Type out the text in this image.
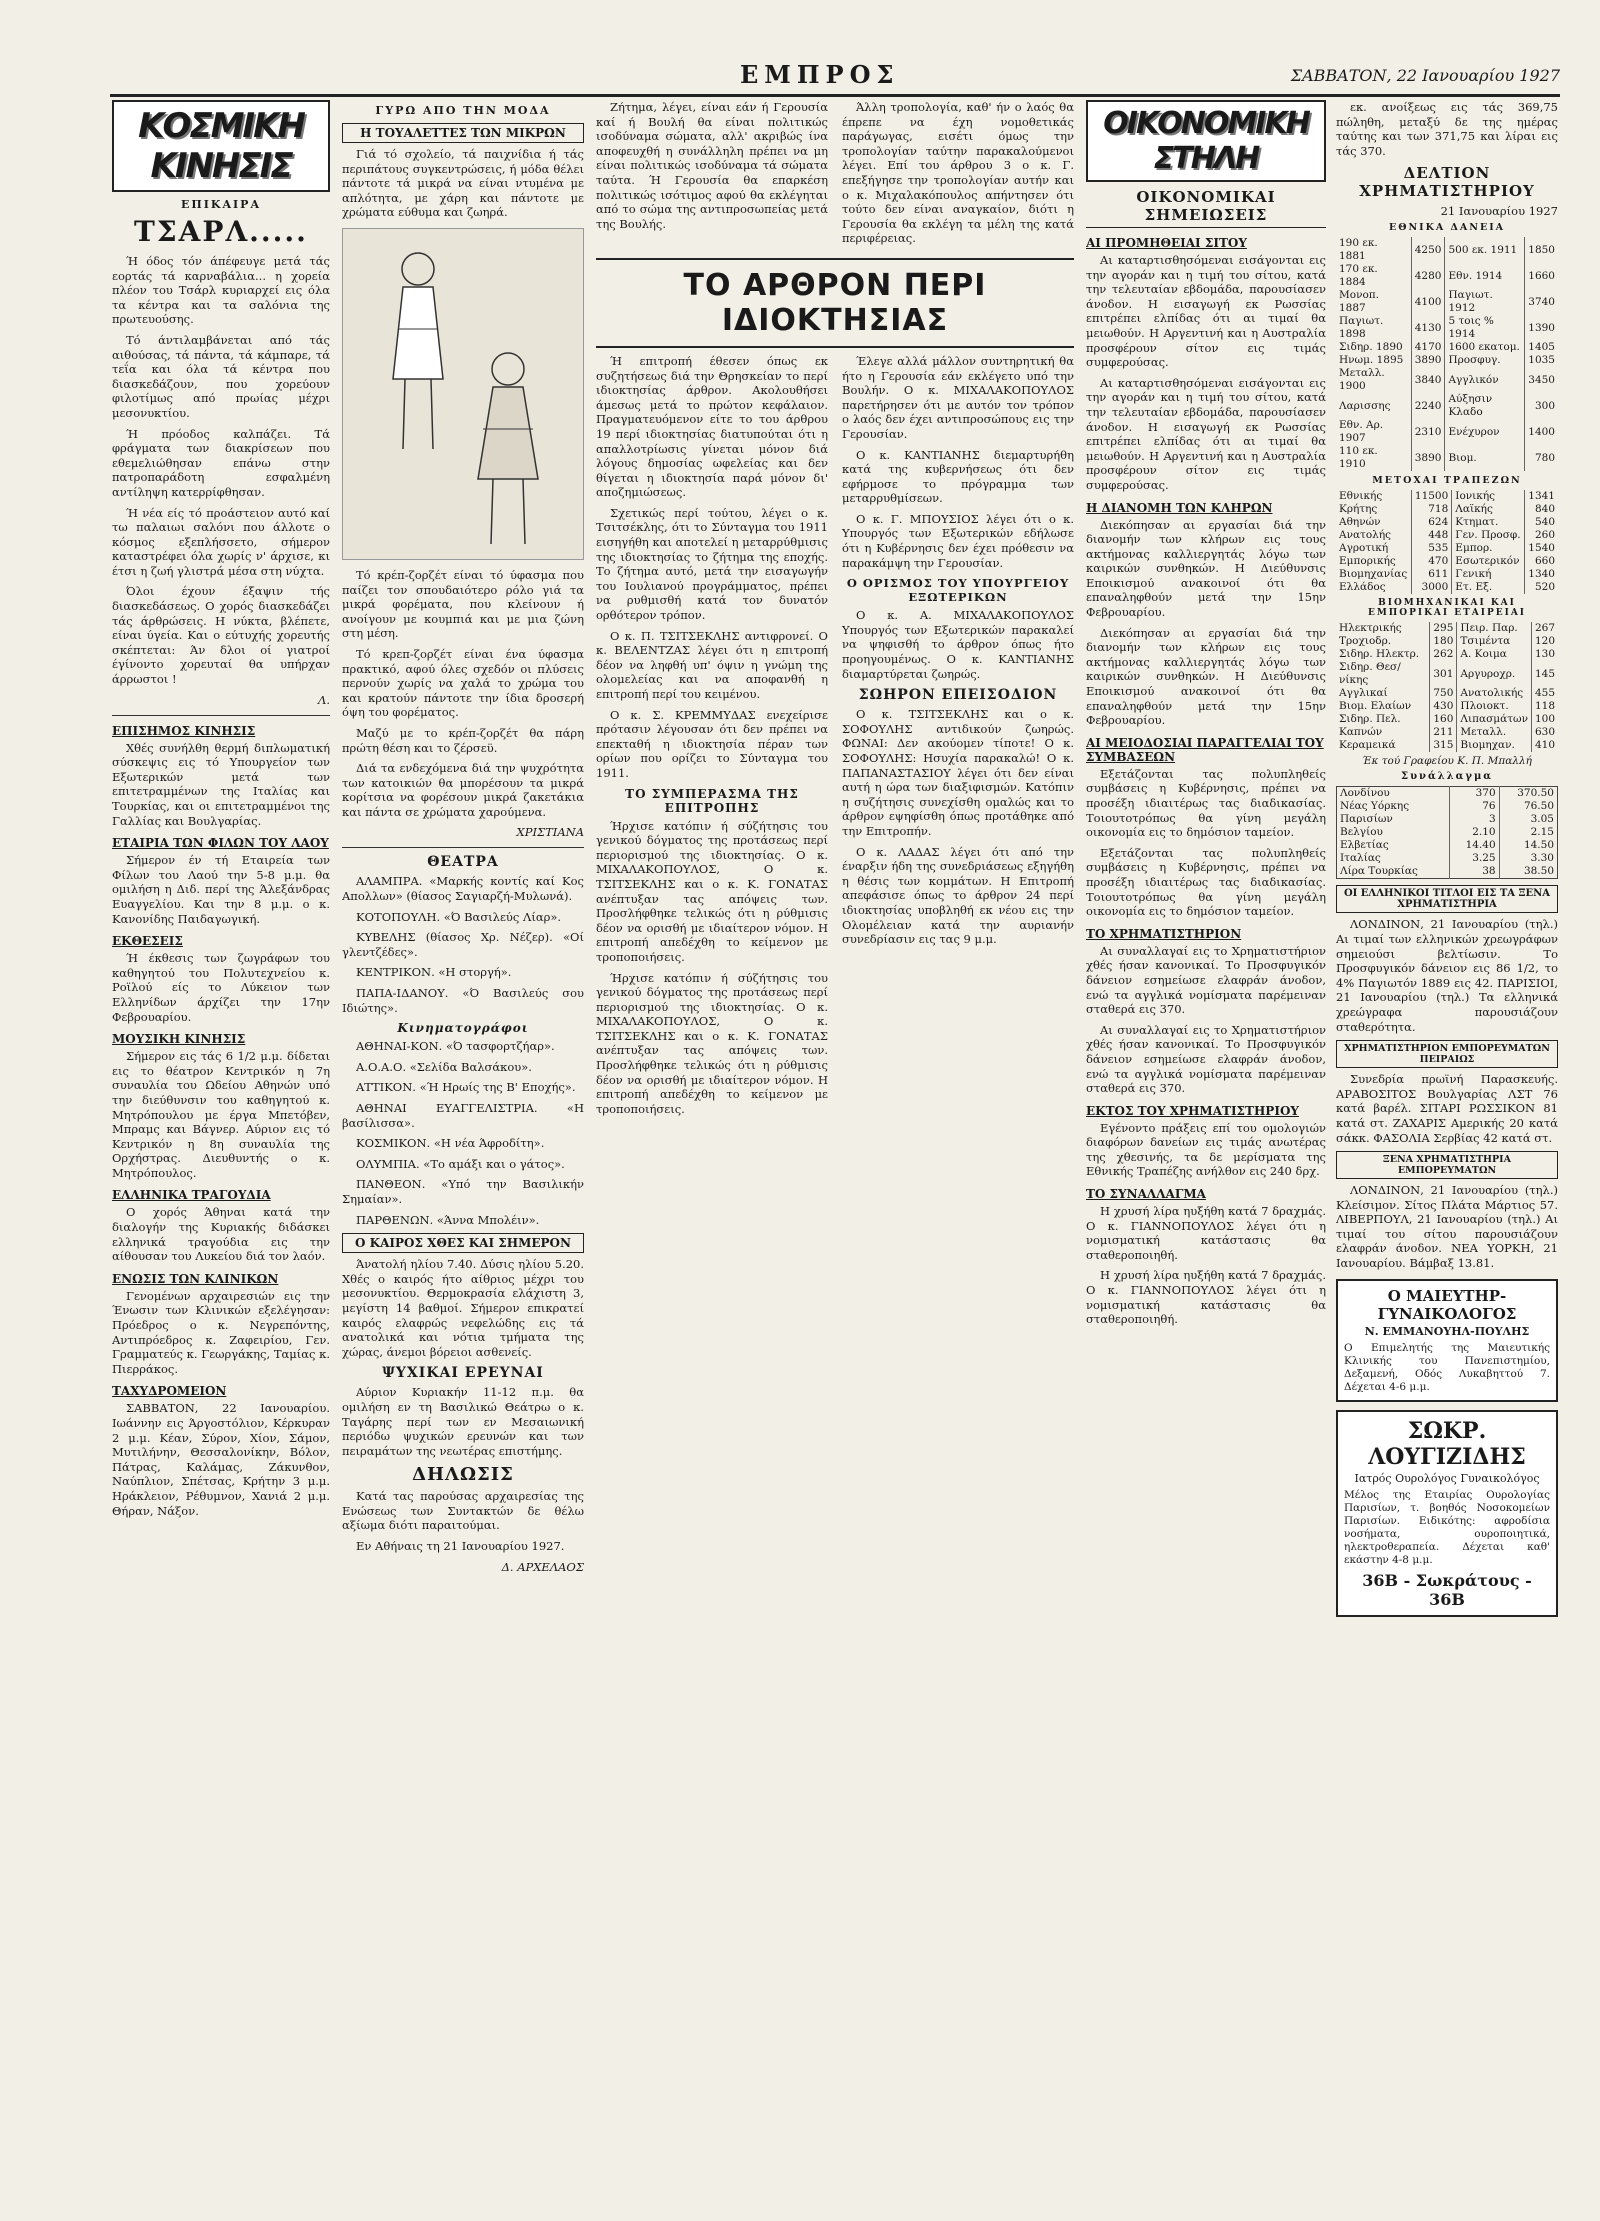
ΕΜΠΡΟΣ	ΣΑΒΒΑΤΟΝ, 22 Ιανουαρίου 1927
ΚΟΣΜΙΚΗ ΚΙΝΗΣΙΣ
ΕΠΙΚΑΙΡΑ
ΤΣΑΡΛ.....

Ή όδος τόν άπέφευγε μετά τάς εορτάς τά καρναβάλια... η χορεία πλέον του Τσάρλ κυριαρχεί εις όλα τα κέντρα και τα σαλόνια της πρωτευούσης.

Τό άντιλαμβάνεται από τάς αιθούσας, τά πάντα, τά κάμπαρε, τά τεΐα και όλα τά κέντρα που διασκεδάζουν, που χορεύουν φιλοτίμως από πρωίας μέχρι μεσονυκτίου.

Ή πρόοδος καλπάζει. Τά φράγματα των διακρίσεων που εθεμελιώθησαν επάνω στην πατροπαράδοτη εσφαλμένη αντίληψη κατερρίφθησαν.

Ή νέα είς τό προάστειον αυτό καί τω παλαιωι σαλόνι που άλλοτε ο κόσμος εξεπλήσσετο, σήμερον καταστρέφει όλα χωρίς ν' άρχισε, κι έτσι η ζωή γλιστρά μέσα στη νύχτα.

Όλοι έχουν έξαψιν τής διασκεδάσεως. Ο χορός διασκεδάζει τάς άρθρώσεις. Η νύκτα, βλέπετε, είναι ύγεία. Και ο εύτυχής χορευτής σκέπτεται: Άν δλοι οί γιατροί έγίνοντο χορευταί θα υπήρχαν άρρωστοι !

Λ.
ΕΠΙΣΗΜΟΣ ΚΙΝΗΣΙΣ

Χθές συνήλθη θερμή διπλωματική σύσκεψις εις τό Υπουργείον των Εξωτερικών μετά των επιτετραμμένων της Ιταλίας και Τουρκίας, και οι επιτετραμμένοι της Γαλλίας και Βουλγαρίας.

ΕΤΑΙΡΙΑ ΤΩΝ ΦΙΛΩΝ ΤΟΥ ΛΑΟΥ

Σήμερον έν τή Εταιρεία των Φίλων του Λαού την 5-8 μ.μ. θα ομιλήση η Διδ. περί της Άλεξάνδρας Ευαγγελίου. Και την 8 μ.μ. ο κ. Κανονίδης Παιδαγωγική.

ΕΚΘΕΣΕΙΣ

Ή έκθεσις των ζωγράφων του καθηγητού του Πολυτεχνείου κ. Ροϊλού είς το Λύκειον των Ελληνίδων άρχίζει την 17ην Φεβρουαρίου.

ΜΟΥΣΙΚΗ ΚΙΝΗΣΙΣ

Σήμερον εις τάς 6 1/2 μ.μ. δίδεται εις το θέατρον Κεντρικόν η 7η συναυλία του Ωδείου Αθηνών υπό την διεύθυνσιν του καθηγητού κ. Μητρόπουλου με έργα Μπετόβεν, Μπραμς και Βάγνερ. Αύριον εις τό Κεντρικόν η 8η συναυλία της Ορχήστρας. Διευθυντής ο κ. Μητρόπουλος.

ΕΛΛΗΝΙΚΑ ΤΡΑΓΟΥΔΙΑ

Ο χορός Άθηναι κατά την διαλογήν της Κυριακής διδάσκει ελληνικά τραγούδια εις την αίθουσαν του Λυκείου διά τον λαόν.

ΕΝΩΣΙΣ ΤΩΝ ΚΛΙΝΙΚΩΝ

Γενομένων αρχαιρεσιών εις την Ένωσιν των Κλινικών εξελέγησαν: Πρόεδρος ο κ. Νεγρεπόντης, Αντιπρόεδρος κ. Ζαφειρίου, Γεν. Γραμματεύς κ. Γεωργάκης, Ταμίας κ. Πιερράκος.

ΤΑΧΥΔΡΟΜΕΙΟΝ

ΣΑΒΒΑΤΟΝ, 22 Ιανουαρίου. Ιωάννην εις Άργοστόλιον, Κέρκυραν 2 μ.μ. Κέαν, Σύρον, Χίον, Σάμον, Μυτιλήνην, Θεσσαλονίκην, Βόλον, Πάτρας, Καλάμας, Ζάκυνθον, Ναύπλιον, Σπέτσας, Κρήτην 3 μ.μ. Ηράκλειον, Ρέθυμνον, Χανιά 2 μ.μ. Θήραν, Νάξον.

ΓΥΡΩ ΑΠΟ ΤΗΝ ΜΟΔΑ
Η ΤΟΥΑΛΕΤΤΕΣ ΤΩΝ ΜΙΚΡΩΝ

Γιά τό σχολείο, τά παιχνίδια ή τάς περιπάτους συγκεντρώσεις, ή μόδα θέλει πάντοτε τά μικρά να είναι ντυμένα με απλότητα, με χάρη και πάντοτε με χρώματα εύθυμα και ζωηρά.

Τό κρέπ-ζορζέτ είναι τό ύφασμα που παίζει τον σπουδαιότερο ρόλο γιά τα μικρά φορέματα, που κλείνουν ή ανοίγουν με κουμπιά και με μια ζώνη στη μέση.

Τό κρεπ-ζορζέτ είναι ένα ύφασμα πρακτικό, αφού όλες σχεδόν οι πλύσεις περνούν χωρίς να χαλά το χρώμα του και κρατούν πάντοτε την ίδια δροσερή όψη του φορέματος.

Μαζύ με το κρέπ-ζορζέτ θα πάρη πρώτη θέση και το ζέρσεϋ.

Διά τα ενδεχόμενα διά την ψυχρότητα των κατοικιών θα μπορέσουν τα μικρά κορίτσια να φορέσουν μικρά ζακετάκια και πάντα σε χρώματα χαρούμενα.

ΧΡΙΣΤΙΑΝΑ
ΘΕΑΤΡΑ

ΑΛΑΜΠΡΑ. «Μαρκής κοντίς καί Κος Απολλων» (θίασος Σαγιαρζή-Μυλωνά).

ΚΟΤΟΠΟΥΛΗ. «Ό Βασιλεύς Λίαρ».

ΚΥΒΕΛΗΣ (θίασος Χρ. Νέζερ). «Οί γλεντζέδες».

ΚΕΝΤΡΙΚΟΝ. «Η στοργή».

ΠΑΠΑ-ΙΔΑΝΟΥ. «Ό Βασιλεύς σου Ιδιώτης».

Κινηματογράφοι

ΑΘΗΝΑΙ-ΚΟΝ. «Ό τασφορτζήαρ».

Α.Ο.Α.Ο. «Σελίδα Βαλσάκου».

ΑΤΤΙΚΟΝ. «Ή Ηρωίς της Β' Εποχής».

ΑΘΗΝΑΙ ΕΥΑΓΓΕΛΙΣΤΡΙΑ. «Η βασίλισσα».

ΚΟΣΜΙΚΟΝ. «Η νέα Άφροδίτη».

ΟΛΥΜΠΙΑ. «Το αμάξι και ο γάτος».

ΠΑΝΘΕΟΝ. «Υπό την Βασιλικήν Σημαίαν».

ΠΑΡΘΕΝΩΝ. «Άννα Μπολέιν».

Ο ΚΑΙΡΟΣ ΧΘΕΣ ΚΑΙ ΣΗΜΕΡΟΝ

Άνατολή ηλίου 7.40. Δύσις ηλίου 5.20. Χθές ο καιρός ήτο αίθριος μέχρι του μεσονυκτίου. Θερμοκρασία ελάχιστη 3, μεγίστη 14 βαθμοί. Σήμερον επικρατεί καιρός ελαφρώς νεφελώδης εις τά ανατολικά και νότια τμήματα της χώρας, άνεμοι βόρειοι ασθενείς.

ΨΥΧΙΚΑΙ ΕΡΕΥΝΑΙ

Αύριον Κυριακήν 11-12 π.μ. θα ομιλήση εν τη Βασιλικώ Θεάτρω ο κ. Ταγάρης περί των εν Μεσαιωνική περιόδω ψυχικών ερευνών και των πειραμάτων της νεωτέρας επιστήμης.

ΔΗΛΩΣΙΣ

Κατά τας παρούσας αρχαιρεσίας της Ενώσεως των Συντακτών δε θέλω αξίωμα διότι παραιτούμαι.

Εν Αθήναις τη 21 Ιανουαρίου 1927.

Δ. ΑΡΧΕΛΑΟΣ

Ζήτημα, λέγει, είναι εάν ή Γερουσία καί ή Βουλή θα είναι πολιτικώς ισοδύναμα σώματα, αλλ' ακριβώς ίνα αποφευχθή η συνάλληλη πρέπει να μη είναι πολιτικώς ισοδύναμα τά σώματα ταύτα. Ή Γερουσία θα επαρκέση πολιτικώς ισότιμος αφού θα εκλέγηται από το σώμα της αντιπροσωπείας μετά της Βουλής.

Άλλη τροπολογία, καθ' ήν ο λαός θα έπρεπε να έχη νομοθετικάς παράγωγας, εισέτι όμως την τροπολογίαν ταύτην παρακαλούμενοι λέγει. Επί του άρθρου 3 ο κ. Γ. επεξήγησε την τροπολογίαν αυτήν και ο κ. Μιχαλακόπουλος απήντησεν ότι τούτο δεν είναι αναγκαίον, διότι η Γερουσία θα εκλέγη τα μέλη της κατά περιφέρειας.

ΤΟ ΑΡΘΡΟΝ ΠΕΡΙ ΙΔΙΟΚΤΗΣΙΑΣ

Ή επιτροπή έθεσεν όπως εκ συζητήσεως διά την Θρησκείαν το περί ιδιοκτησίας άρθρον. Ακολουθήσει άμεσως μετά το πρώτον κεφάλαιον. Πραγματευόμενον είτε το του άρθρου 19 περί ιδιοκτησίας διατυπούται ότι η απαλλοτρίωσις γίνεται μόνον διά λόγους δημοσίας ωφελείας και δεν θίγεται η ιδιοκτησία παρά μόνον δι' αποζημιώσεως.

Σχετικώς περί τούτου, λέγει ο κ. Τσιτσέκλης, ότι το Σύνταγμα του 1911 εισηγήθη και αποτελεί η μεταρρύθμισις της ιδιοκτησίας το ζήτημα της εποχής. Το ζήτημα αυτό, μετά την εισαγωγήν του Ιουλιανού προγράμματος, πρέπει να ρυθμισθή κατά τον δυνατόν ορθότερον τρόπον.

Ο κ. Π. ΤΣΙΤΣΕΚΛΗΣ αντιφρονεί. Ο κ. ΒΕΛΕΝΤΖΑΣ λέγει ότι η επιτροπή δέον να ληφθή υπ' όψιν η γνώμη της ολομελείας και να αποφανθή η επιτροπή περί του κειμένου.

Ο κ. Σ. ΚΡΕΜΜΥΔΑΣ ενεχείρισε πρότασιν λέγουσαν ότι δεν πρέπει να επεκταθή η ιδιοκτησία πέραν των ορίων που ορίζει το Σύνταγμα του 1911.

ΤΟ ΣΥΜΠΕΡΑΣΜΑ ΤΗΣ ΕΠΙΤΡΟΠΗΣ

Ήρχισε κατόπιν ή σύζήτησις του γενικού δόγματος της προτάσεως περί περιορισμού της ιδιοκτησίας. Ο κ. ΜΙΧΑΛΑΚΟΠΟΥΛΟΣ, Ο κ. ΤΣΙΤΣΕΚΛΗΣ και ο κ. Κ. ΓΟΝΑΤΑΣ ανέπτυξαν τας απόψεις των. Προσλήφθηκε τελικώς ότι η ρύθμισις δέον να ορισθή με ιδιαίτερον νόμον. Η επιτροπή απεδέχθη το κείμενον με τροποποιήσεις.

Ήρχισε κατόπιν ή σύζήτησις του γενικού δόγματος της προτάσεως περί περιορισμού της ιδιοκτησίας. Ο κ. ΜΙΧΑΛΑΚΟΠΟΥΛΟΣ, Ο κ. ΤΣΙΤΣΕΚΛΗΣ και ο κ. Κ. ΓΟΝΑΤΑΣ ανέπτυξαν τας απόψεις των. Προσλήφθηκε τελικώς ότι η ρύθμισις δέον να ορισθή με ιδιαίτερον νόμον. Η επιτροπή απεδέχθη το κείμενον με τροποποιήσεις.

Έλεγε αλλά μάλλον συντηρητική θα ήτο η Γερουσία εάν εκλέγετο υπό την Βουλήν. Ο κ. ΜΙΧΑΛΑΚΟΠΟΥΛΟΣ παρετήρησεν ότι με αυτόν τον τρόπον ο λαός δεν έχει αντιπροσώπους εις την Γερουσίαν.

Ο κ. ΚΑΝΤΙΑΝΗΣ διεμαρτυρήθη κατά της κυβερνήσεως ότι δεν εφήρμοσε το πρόγραμμα των μεταρρυθμίσεων.

Ο κ. Γ. ΜΠΟΥΣΙΟΣ λέγει ότι ο κ. Υπουργός των Εξωτερικών εδήλωσε ότι η Κυβέρνησις δεν έχει πρόθεσιν να παρακάμψη την Γερουσίαν.

Ο ΟΡΙΣΜΟΣ ΤΟΥ ΥΠΟΥΡΓΕΙΟΥ ΕΞΩΤΕΡΙΚΩΝ

Ο κ. Α. ΜΙΧΑΛΑΚΟΠΟΥΛΟΣ Υπουργός των Εξωτερικών παρακαλεί να ψηφισθή το άρθρον όπως ήτο προηγουμένως. Ο κ. ΚΑΝΤΙΑΝΗΣ διαμαρτύρεται ζωηρώς.

ΣΩΗΡΟΝ ΕΠΕΙΣΟΔΙΟΝ

Ο κ. ΤΣΙΤΣΕΚΛΗΣ και ο κ. ΣΟΦΟΥΛΗΣ αντιδικούν ζωηρώς. ΦΩΝΑΙ: Δεν ακούομεν τίποτε! Ο κ. ΣΟΦΟΥΛΗΣ: Ησυχία παρακαλώ! Ο κ. ΠΑΠΑΝΑΣΤΑΣΙΟΥ λέγει ότι δεν είναι αυτή η ώρα των διαξιφισμών. Κατόπιν η συζήτησις συνεχίσθη ομαλώς και το άρθρον εψηφίσθη όπως προτάθηκε από την Επιτροπήν.

Ο κ. ΛΑΔΑΣ λέγει ότι από την έναρξιν ήδη της συνεδριάσεως εξηγήθη η θέσις των κομμάτων. Η Επιτροπή απεφάσισε όπως το άρθρον 24 περί ιδιοκτησίας υποβληθή εκ νέου εις την Ολομέλειαν κατά την αυριανήν συνεδρίασιν εις τας 9 μ.μ.

ΟΙΚΟΝΟΜΙΚΗ ΣΤΗΛΗ
ΟΙΚΟΝΟΜΙΚΑΙ ΣΗΜΕΙΩΣΕΙΣ
ΑΙ ΠΡΟΜΗΘΕΙΑΙ ΣΙΤΟΥ

Αι καταρτισθησόμεναι εισάγονται εις την αγοράν και η τιμή του σίτου, κατά την τελευταίαν εβδομάδα, παρουσίασεν άνοδον. Η εισαγωγή εκ Ρωσσίας επιτρέπει ελπίδας ότι αι τιμαί θα μειωθούν. Η Αργεντινή και η Αυστραλία προσφέρουν σίτον εις τιμάς συμφερούσας.

Αι καταρτισθησόμεναι εισάγονται εις την αγοράν και η τιμή του σίτου, κατά την τελευταίαν εβδομάδα, παρουσίασεν άνοδον. Η εισαγωγή εκ Ρωσσίας επιτρέπει ελπίδας ότι αι τιμαί θα μειωθούν. Η Αργεντινή και η Αυστραλία προσφέρουν σίτον εις τιμάς συμφερούσας.

Η ΔΙΑΝΟΜΗ ΤΩΝ ΚΛΗΡΩΝ

Διεκόπησαν αι εργασίαι διά την διανομήν των κλήρων εις τους ακτήμονας καλλιεργητάς λόγω των καιρικών συνθηκών. Η Διεύθυνσις Εποικισμού ανακοινοί ότι θα επαναληφθούν μετά την 15ην Φεβρουαρίου.

Διεκόπησαν αι εργασίαι διά την διανομήν των κλήρων εις τους ακτήμονας καλλιεργητάς λόγω των καιρικών συνθηκών. Η Διεύθυνσις Εποικισμού ανακοινοί ότι θα επαναληφθούν μετά την 15ην Φεβρουαρίου.

ΑΙ ΜΕΙΟΔΟΣΙΑΙ ΠΑΡΑΓΓΕΛΙΑΙ ΤΟΥ ΣΥΜΒΑΣΕΩΝ

Εξετάζονται τας πολυπληθείς συμβάσεις η Κυβέρνησις, πρέπει να προσέξη ιδιαιτέρως τας διαδικασίας. Τοιουτοτρόπως θα γίνη μεγάλη οικονομία εις το δημόσιον ταμείον.

Εξετάζονται τας πολυπληθείς συμβάσεις η Κυβέρνησις, πρέπει να προσέξη ιδιαιτέρως τας διαδικασίας. Τοιουτοτρόπως θα γίνη μεγάλη οικονομία εις το δημόσιον ταμείον.

ΤΟ ΧΡΗΜΑΤΙΣΤΗΡΙΟΝ

Αι συναλλαγαί εις το Χρηματιστήριον χθές ήσαν κανονικαί. Το Προσφυγικόν δάνειον εσημείωσε ελαφράν άνοδον, ενώ τα αγγλικά νομίσματα παρέμειναν σταθερά εις 370.

Αι συναλλαγαί εις το Χρηματιστήριον χθές ήσαν κανονικαί. Το Προσφυγικόν δάνειον εσημείωσε ελαφράν άνοδον, ενώ τα αγγλικά νομίσματα παρέμειναν σταθερά εις 370.

ΕΚΤΟΣ ΤΟΥ ΧΡΗΜΑΤΙΣΤΗΡΙΟΥ

Εγένοντο πράξεις επί του ομολογιών διαφόρων δανείων εις τιμάς ανωτέρας της χθεσινής, τα δε μερίσματα της Εθνικής Τραπέζης ανήλθον εις 240 δρχ.

ΤΟ ΣΥΝΑΛΛΑΓΜΑ

Η χρυσή λίρα ηυξήθη κατά 7 δραχμάς. Ο κ. ΓΙΑΝΝΟΠΟΥΛΟΣ λέγει ότι η νομισματική κατάστασις θα σταθεροποιηθή.

Η χρυσή λίρα ηυξήθη κατά 7 δραχμάς. Ο κ. ΓΙΑΝΝΟΠΟΥΛΟΣ λέγει ότι η νομισματική κατάστασις θα σταθεροποιηθή.

εκ. ανοίξεως εις τάς 369,75 πώληθη, μεταξύ δε της ημέρας ταύτης και των 371,75 και λίραι εις τάς 370.

ΔΕΛΤΙΟΝ ΧΡΗΜΑΤΙΣΤΗΡΙΟΥ
21 Ιανουαρίου 1927
ΕΘΝΙΚΑ ΔΑΝΕΙΑ
190 εκ. 1881	4250	500 εκ. 1911	1850
170 εκ. 1884	4280	Εθν. 1914	1660
Μονοπ. 1887	4100	Παγιωτ. 1912	3740
Παγιωτ. 1898	4130	5 τοις % 1914	1390
Σιδηρ. 1890	4170	1600 εκατομ.	1405
Ηνωμ. 1895	3890	Προσφυγ.	1035
Μεταλλ. 1900	3840	Αγγλικόν	3450
Λαρισσης	2240	Αύξησιν Κλαδο	300
Εθν. Αρ. 1907	2310	Ενέχυρον	1400
110 εκ. 1910	3890	Βιομ.	780
ΜΕΤΟΧΑΙ ΤΡΑΠΕΖΩΝ
Εθνικής	11500	Ιονικής	1341
Κρήτης	718	Λαϊκής	840
Αθηνών	624	Κτηματ.	540
Ανατολής	448	Γεν. Προσφ.	260
Αγροτική	535	Εμπορ.	1540
Εμπορικής	470	Εσωτερικόν	660
Βιομηχανίας	611	Γενική	1340
Ελλάδος	3000	Ετ. Εξ.	520
ΒΙΟΜΗΧΑΝΙΚΑΙ ΚΑΙ ΕΜΠΟΡΙΚΑΙ ΕΤΑΙΡΕΙΑΙ
Ηλεκτρικής	295	Πειρ. Παρ.	267
Τροχιοδρ.	180	Τσιμέντα	120
Σιδηρ. Ηλεκτρ.	262	Α. Κοιμα	130
Σιδηρ. Θεσ/νίκης	301	Αργυροχρ.	145
Αγγλικαί	750	Ανατολικής	455
Βιομ. Ελαίων	430	Πλοιοκτ.	118
Σιδηρ. Πελ.	160	Λιπασμάτων	100
Καπνών	211	Μεταλλ.	630
Κεραμεικά	315	Βιομηχαν.	410
Έκ τού Γραφείου Κ. Π. Μπαλλή
Συνάλλαγμα
Λονδίνου	370	370.50
Νέας Υόρκης	76	76.50
Παρισίων	3	3.05
Βελγίου	2.10	2.15
Ελβετίας	14.40	14.50
Ιταλίας	3.25	3.30
Λίρα Τουρκίας	38	38.50
ΟΙ ΕΛΛΗΝΙΚΟΙ ΤΙΤΛΟΙ ΕΙΣ ΤΑ ΞΕΝΑ ΧΡΗΜΑΤΙΣΤΗΡΙΑ

ΛΟΝΔΙΝΟΝ, 21 Ιανουαρίου (τηλ.) Αι τιμαί των ελληνικών χρεωγράφων σημειούσι βελτίωσιν. Το Προσφυγικόν δάνειον εις 86 1/2, το 4% Παγιωτόν 1889 εις 42. ΠΑΡΙΣΙΟΙ, 21 Ιανουαρίου (τηλ.) Τα ελληνικά χρεώγραφα παρουσιάζουν σταθερότητα.

ΧΡΗΜΑΤΙΣΤΗΡΙΟΝ ΕΜΠΟΡΕΥΜΑΤΩΝ ΠΕΙΡΑΙΩΣ

Συνεδρία πρωϊνή Παρασκευής. ΑΡΑΒΟΣΙΤΟΣ Βουλγαρίας ΛΣΤ 76 κατά βαρέλ. ΣΙΤΑΡΙ ΡΩΣΣΙΚΟΝ 81 κατά στ. ΖΑΧΑΡΙΣ Αμερικής 20 κατά σάκκ. ΦΑΣΟΛΙΑ Σερβίας 42 κατά στ.

ΞΕΝΑ ΧΡΗΜΑΤΙΣΤΗΡΙΑ ΕΜΠΟΡΕΥΜΑΤΩΝ

ΛΟΝΔΙΝΟΝ, 21 Ιανουαρίου (τηλ.) Κλείσιμον. Σίτος Πλάτα Μάρτιος 57. ΛΙΒΕΡΠΟΥΛ, 21 Ιανουαρίου (τηλ.) Αι τιμαί του σίτου παρουσιάζουν ελαφράν άνοδον. ΝΕΑ ΥΟΡΚΗ, 21 Ιανουαρίου. Βάμβαξ 13.81.

Ο ΜΑΙΕΥΤΗΡ-ΓΥΝΑΙΚΟΛΟΓΟΣ
Ν. ΕΜΜΑΝΟΥΗΛ-ΠΟΥΛΗΣ
Ο Επιμελητής της Μαιευτικής Κλινικής του Πανεπιστημίου, Δεξαμενή, Οδός Λυκαβηττού 7. Δέχεται 4-6 μ.μ.
ΣΩΚΡ. ΛΟΥΓΙΖΙΔΗΣ
Ιατρός Ουρολόγος Γυναικολόγος
Μέλος της Εταιρίας Ουρολογίας Παρισίων, τ. βοηθός Νοσοκομείων Παρισίων. Ειδικότης: αφροδίσια νοσήματα, ουροποιητικά, ηλεκτροθεραπεία. Δέχεται καθ' εκάστην 4-8 μ.μ.
36Β - Σωκράτους - 36Β
